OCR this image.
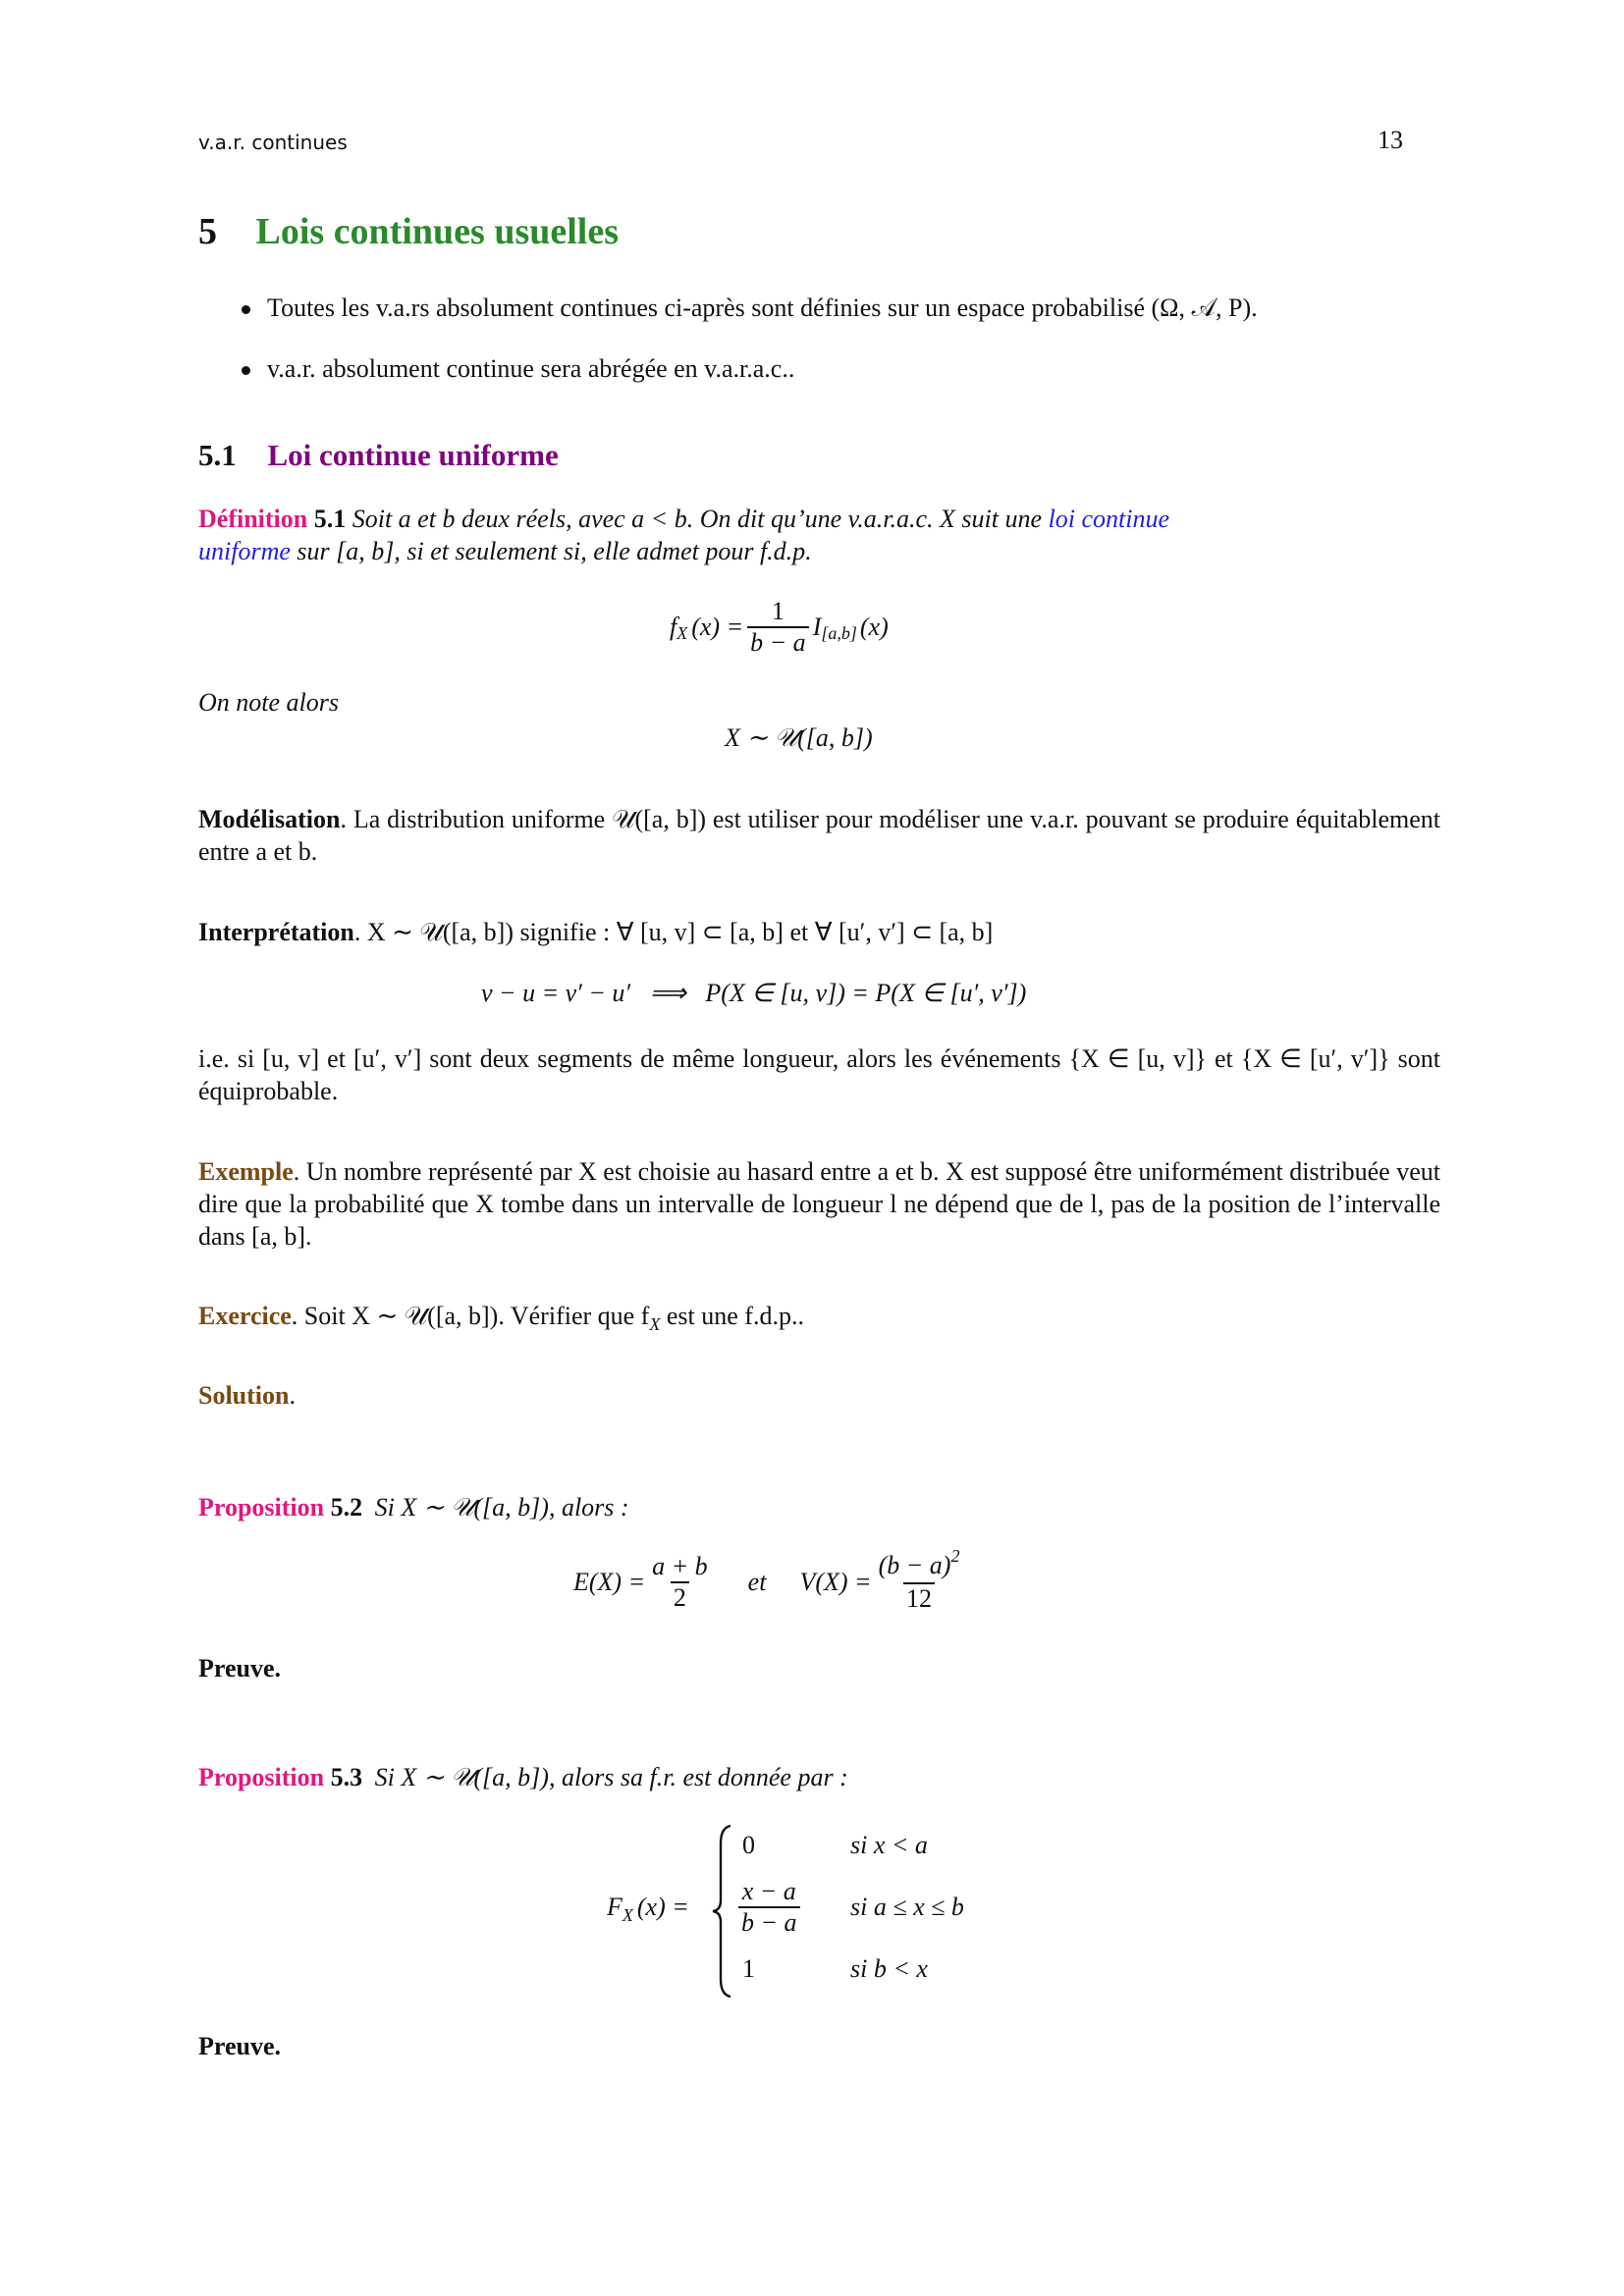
v.a.r. continues	13
5 Lois continues usuelles
Toutes les v.a.rs absolument continues ci-après sont définies sur un espace probabilisé (Ω, 𝒜, P).
v.a.r. absolument continue sera abrégée en v.a.r.a.c..
5.1 Loi continue uniforme
Définition 5.1 Soit a et b deux réels, avec a < b. On dit qu’une v.a.r.a.c. X suit une loi continue
uniforme sur [a, b], si et seulement si, elle admet pour f.d.p.
f X $(x) = \frac{1}{b - a}$ I [a,b] (x)
On note alors
X ∼ 𝒰([a, b])
Modélisation. La distribution uniforme 𝒰([a, b]) est utiliser pour modéliser une v.a.r. pouvant se produire équitablement entre a et b.
Interprétation. X ∼ 𝒰([a, b]) signifie : ∀ [u, v] ⊂ [a, b] et ∀ [u′, v′] ⊂ [a, b]
v − u = v′ − u′   ⟹   P(X ∈ [u, v]) = P(X ∈ [u′, v′])
i.e. si [u, v] et [u′, v′] sont deux segments de même longueur, alors les événements {X ∈ [u, v]} et {X ∈ [u′, v′]} sont équiprobable.
Exemple. Un nombre représenté par X est choisie au hasard entre a et b. X est supposé être uniformément distribuée veut dire que la probabilité que X tombe dans un intervalle de longueur l ne dépend que de l, pas de la position de l’intervalle dans [a, b].
Exercice. Soit X ∼ 𝒰([a, b]). Vérifier que $f_X$ est une f.d.p..
Solution.
Proposition 5.2 Si X ∼ 𝒰([a, b]), alors :
$E(X) = \frac{a + b}{2}$ et $V(X) = \frac{(b - a)^2}{12}$
Preuve.
Proposition 5.3 Si X ∼ 𝒰([a, b]), alors sa f.r. est donnée par :
$F_X$ (x) =
0	si x < a
$\frac{x - a}{b - a}$ si a ≤ x ≤ b
1	si b < x
Preuve.
